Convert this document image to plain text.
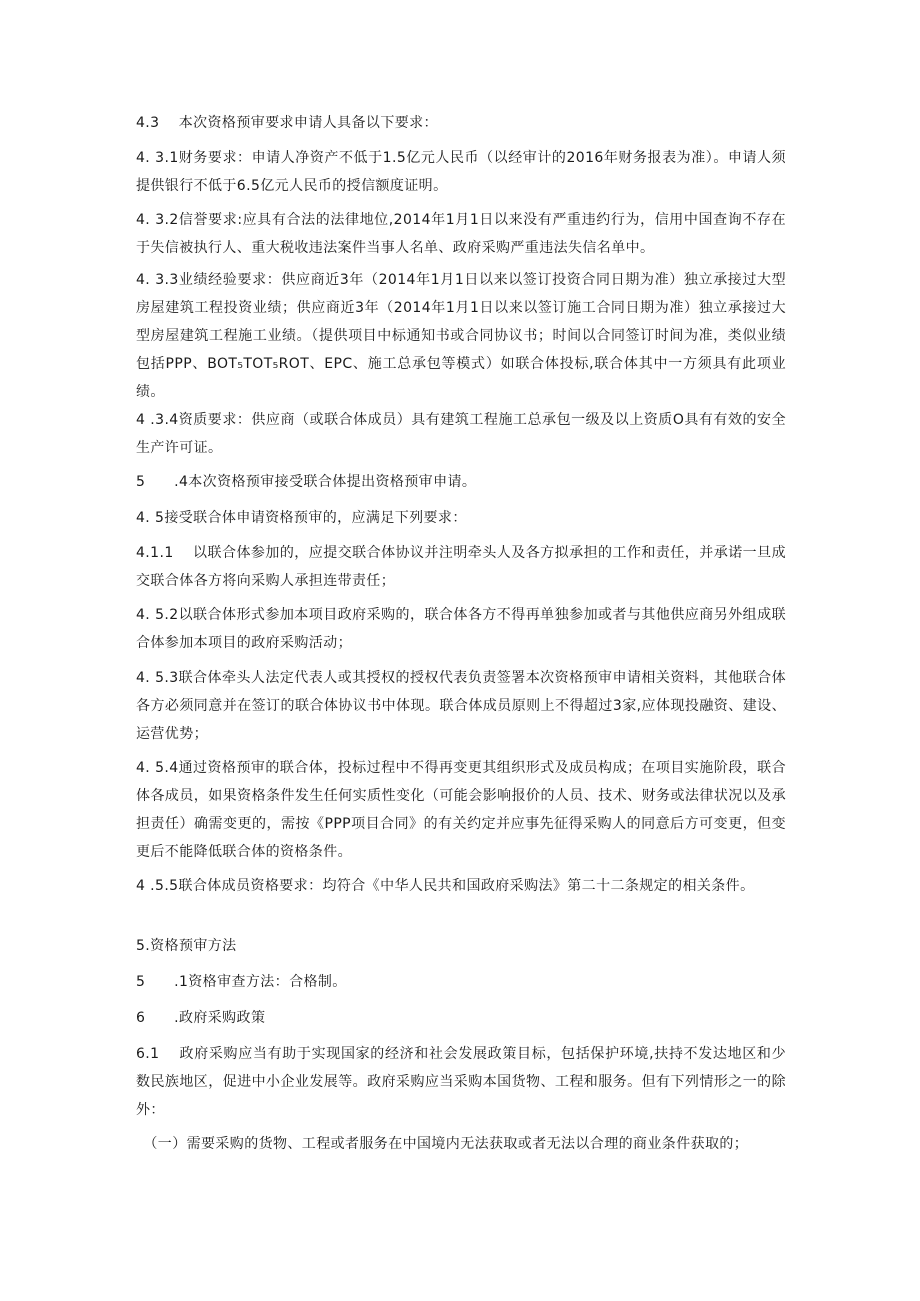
4.3　 本次资格预审要求申请人具备以下要求：

4. 3.1财务要求：申请人净资产不低于1.5亿元人民币（以经审计的2016年财务报表为准）。申请人须提供银行不低于6.5亿元人民币的授信额度证明。

4. 3.2信誉要求:应具有合法的法律地位,2014年1月1日以来没有严重违约行为，信用中国查询不存在于失信被执行人、重大税收违法案件当事人名单、政府采购严重违法失信名单中。

4. 3.3业绩经验要求：供应商近3年（2014年1月1日以来以签订投资合同日期为准）独立承接过大型房屋建筑工程投资业绩；供应商近3年（2014年1月1日以来以签订施工合同日期为准）独立承接过大型房屋建筑工程施工业绩。（提供项目中标通知书或合同协议书；时间以合同签订时间为准，类似业绩包括PPP、BOT₅TOT₅ROT、EPC、施工总承包等模式）如联合体投标,联合体其中一方须具有此项业绩。

4 .3.4资质要求：供应商（或联合体成员）具有建筑工程施工总承包一级及以上资质O具有有效的安全生产许可证。

5　　.4本次资格预审接受联合体提出资格预审申请。

4. 5接受联合体申请资格预审的，应满足下列要求：

4.1.1　 以联合体参加的，应提交联合体协议并注明牵头人及各方拟承担的工作和责任，并承诺一旦成交联合体各方将向采购人承担连带责任；

4. 5.2以联合体形式参加本项目政府采购的，联合体各方不得再单独参加或者与其他供应商另外组成联合体参加本项目的政府采购活动；

4. 5.3联合体牵头人法定代表人或其授权的授权代表负责签署本次资格预审申请相关资料，其他联合体各方必须同意并在签订的联合体协议书中体现。联合体成员原则上不得超过3家,应体现投融资、建设、运营优势；

4. 5.4通过资格预审的联合体，投标过程中不得再变更其组织形式及成员构成；在项目实施阶段，联合体各成员，如果资格条件发生任何实质性变化（可能会影响报价的人员、技术、财务或法律状况以及承担责任）确需变更的，需按《PPP项目合同》的有关约定并应事先征得采购人的同意后方可变更，但变更后不能降低联合体的资格条件。

4 .5.5联合体成员资格要求：均符合《中华人民共和国政府采购法》第二十二条规定的相关条件。

5.资格预审方法

5　　.1资格审查方法：合格制。

6　　.政府采购政策

6.1　 政府采购应当有助于实现国家的经济和社会发展政策目标，包括保护环境,扶持不发达地区和少数民族地区，促进中小企业发展等。政府采购应当采购本国货物、工程和服务。但有下列情形之一的除外：

　（一）需要采购的货物、工程或者服务在中国境内无法获取或者无法以合理的商业条件获取的；
